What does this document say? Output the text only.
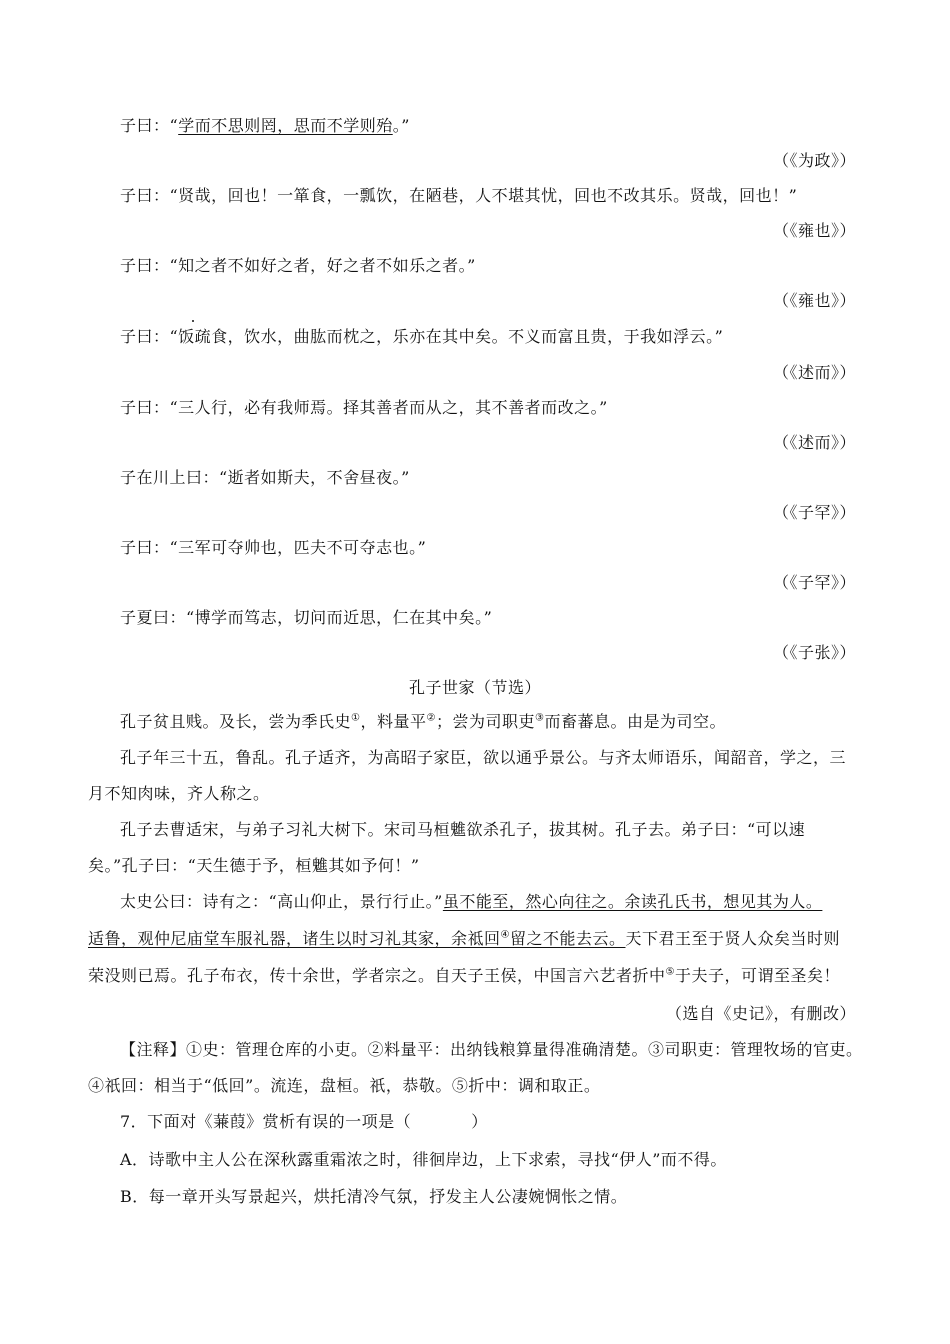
子曰：“学而不思则罔，思而不学则殆。”
（《为政》）
子曰：“贤哉，回也！一箪食，一瓢饮，在陋巷，人不堪其忧，回也不改其乐。贤哉，回也！”
（《雍也》）
子曰：“知之者不如好之者，好之者不如乐之者。”
（《雍也》）
子曰：“饭疏食，饮水，曲肱而枕之，乐亦在其中矣。不义而富且贵，于我如浮云。”
（《述而》）
子曰：“三人行，必有我师焉。择其善者而从之，其不善者而改之。”
（《述而》）
子在川上曰：“逝者如斯夫，不舍昼夜。”
（《子罕》）
子曰：“三军可夺帅也，匹夫不可夺志也。”
（《子罕》）
子夏曰：“博学而笃志，切问而近思，仁在其中矣。”
（《子张》）
孔子世家（节选）
孔子贫且贱。及长，尝为季氏史①，料量平②；尝为司职吏③而畜蕃息。由是为司空。
孔子年三十五，鲁乱。孔子适齐，为高昭子家臣，欲以通乎景公。与齐太师语乐，闻韶音，学之，三
月不知肉味，齐人称之。
孔子去曹适宋，与弟子习礼大树下。宋司马桓魋欲杀孔子，拔其树。孔子去。弟子曰：“可以速
矣。”孔子曰：“天生德于予，桓魋其如予何！”
太史公曰：诗有之：“高山仰止，景行行止。”虽不能至，然心向往之。余读孔氏书，想见其为人。
适鲁，观仲尼庙堂车服礼器，诸生以时习礼其家，余祗回④留之不能去云。天下君王至于贤人众矣当时则
荣没则已焉。孔子布衣，传十余世，学者宗之。自天子王侯，中国言六艺者折中⑤于夫子，可谓至圣矣！
（选自《史记》，有删改）
【注释】①史：管理仓库的小吏。②料量平：出纳钱粮算量得准确清楚。③司职吏：管理牧场的官吏。
④祇回：相当于“低回”。流连，盘桓。祇，恭敬。⑤折中：调和取正。
7．下面对《蒹葭》赏析有误的一项是（	）
A．诗歌中主人公在深秋露重霜浓之时，徘徊岸边，上下求索，寻找“伊人”而不得。
B．每一章开头写景起兴，烘托清冷气氛，抒发主人公凄婉惆怅之情。
